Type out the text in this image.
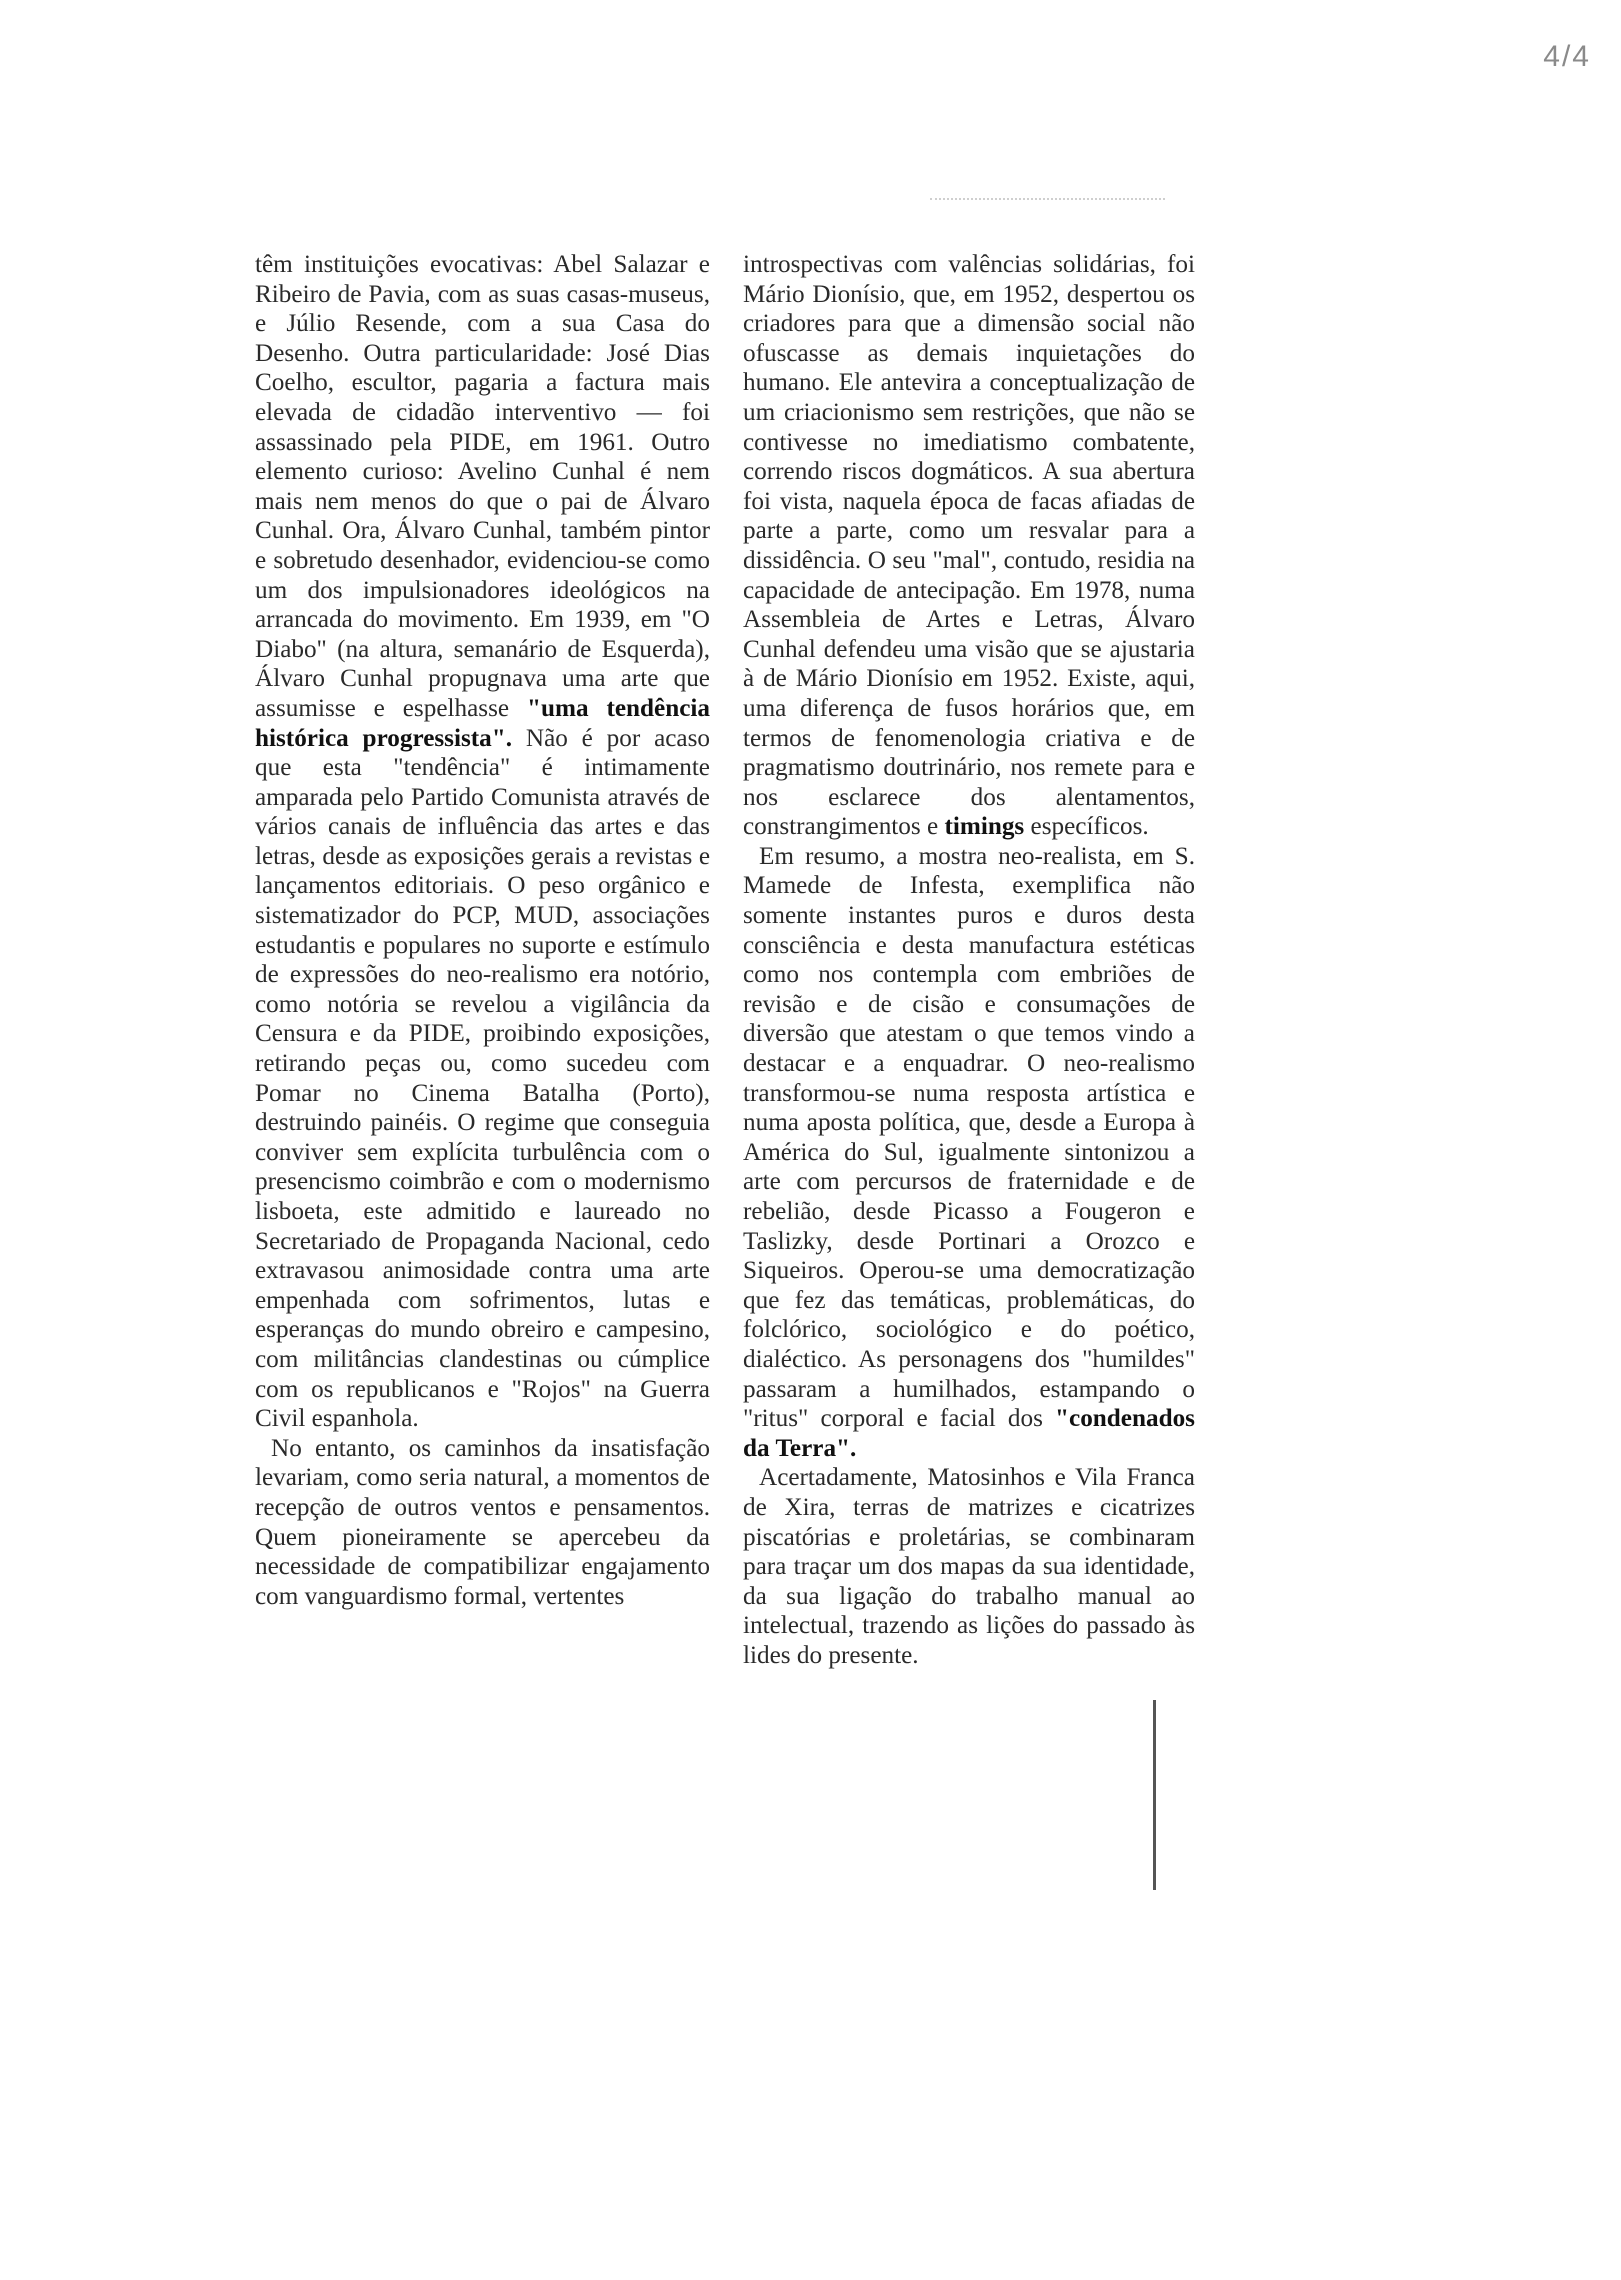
4/4

têm instituições evocativas: Abel Salazar e Ribeiro de Pavia, com as suas casas-museus, e Júlio Resende, com a sua Casa do Desenho. Outra particularidade: José Dias Coelho, escultor, pagaria a factura mais elevada de cidadão interventivo — foi assassinado pela PIDE, em 1961. Outro elemento curioso: Avelino Cunhal é nem mais nem menos do que o pai de Álvaro Cunhal. Ora, Álvaro Cunhal, também pintor e sobretudo desenhador, evidenciou-se como um dos impulsionadores ideológicos na arrancada do movimento. Em 1939, em "O Diabo" (na altura, semanário de Esquerda), Álvaro Cunhal propugnava uma arte que assumisse e espelhasse "uma tendência histórica progressista". Não é por acaso que esta "tendência" é intimamente amparada pelo Partido Comunista através de vários canais de influência das artes e das letras, desde as exposições gerais a revistas e lançamentos editoriais. O peso orgânico e sistematizador do PCP, MUD, associações estudantis e populares no suporte e estímulo de expressões do neo-realismo era notório, como notória se revelou a vigilância da Censura e da PIDE, proibindo exposições, retirando peças ou, como sucedeu com Pomar no Cinema Batalha (Porto), destruindo painéis. O regime que conseguia conviver sem explícita turbulência com o presencismo coimbrão e com o modernismo lisboeta, este admitido e laureado no Secretariado de Propaganda Nacional, cedo extravasou animosidade contra uma arte empenhada com sofrimentos, lutas e esperanças do mundo obreiro e campesino, com militâncias clandestinas ou cúmplice com os republicanos e "Rojos" na Guerra Civil espanhola.

No entanto, os caminhos da insatisfação levariam, como seria natural, a momentos de recepção de outros ventos e pensamentos. Quem pioneiramente se apercebeu da necessidade de compatibilizar engajamento com vanguardismo formal, vertentes

introspectivas com valências solidárias, foi Mário Dionísio, que, em 1952, despertou os criadores para que a dimensão social não ofuscasse as demais inquietações do humano. Ele antevira a conceptualização de um criacionismo sem restrições, que não se contivesse no imediatismo combatente, correndo riscos dogmáticos. A sua abertura foi vista, naquela época de facas afiadas de parte a parte, como um resvalar para a dissidência. O seu "mal", contudo, residia na capacidade de antecipação. Em 1978, numa Assembleia de Artes e Letras, Álvaro Cunhal defendeu uma visão que se ajustaria à de Mário Dionísio em 1952. Existe, aqui, uma diferença de fusos horários que, em termos de fenomenologia criativa e de pragmatismo doutrinário, nos remete para e nos esclarece dos alentamentos, constrangimentos e timings específicos.

Em resumo, a mostra neo-realista, em S. Mamede de Infesta, exemplifica não somente instantes puros e duros desta consciência e desta manufactura estéticas como nos contempla com embriões de revisão e de cisão e consumações de diversão que atestam o que temos vindo a destacar e a enquadrar. O neo-realismo transformou-se numa resposta artística e numa aposta política, que, desde a Europa à América do Sul, igualmente sintonizou a arte com percursos de fraternidade e de rebelião, desde Picasso a Fougeron e Taslizky, desde Portinari a Orozco e Siqueiros. Operou-se uma democratização que fez das temáticas, problemáticas, do folclórico, sociológico e do poético, dialéctico. As personagens dos "humildes" passaram a humilhados, estampando o "ritus" corporal e facial dos "condenados da Terra".

Acertadamente, Matosinhos e Vila Franca de Xira, terras de matrizes e cicatrizes piscatórias e proletárias, se combinaram para traçar um dos mapas da sua identidade, da sua ligação do trabalho manual ao intelectual, trazendo as lições do passado às lides do presente.
